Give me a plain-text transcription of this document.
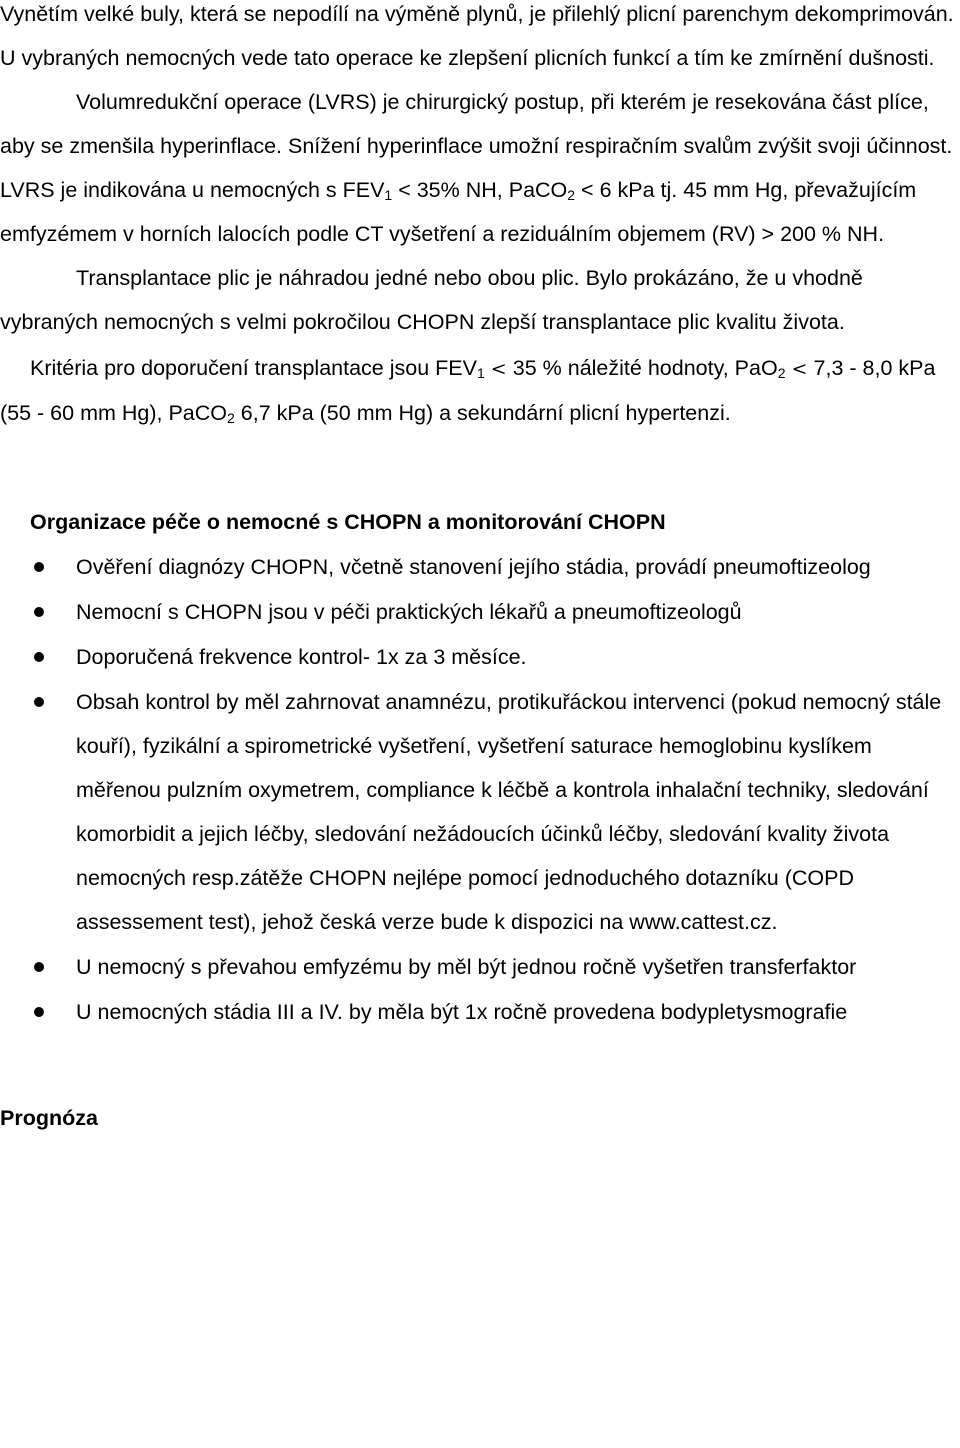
Vynětím velké buly, která se nepodílí na výměně plynů, je přilehlý plicní parenchym dekomprimován. U vybraných nemocných vede tato operace ke zlepšení plicních funkcí a tím ke zmírnění dušnosti.

Volumredukční operace (LVRS) je chirurgický postup, při kterém je resekována část plíce, aby se zmenšila hyperinflace. Snížení hyperinflace umožní respiračním svalům zvýšit svoji účinnost. LVRS je indikována u nemocných s $FEV_1 < 35\%$ NH, PaCO$_2$ < 6 kPa tj. 45 mm Hg, převažujícím emfyzémem v horních lalocích podle CT vyšetření a reziduálním objemem (RV) > 200 % NH.

Transplantace plic je náhradou jedné nebo obou plic. Bylo prokázáno, že u vhodně vybraných nemocných s velmi pokročilou CHOPN zlepší transplantace plic kvalitu života.

Kritéria pro doporučení transplantace jsou $FEV_1 < 35$ % náležité hodnoty, PaO$_2$ < 7,3 - 8,0 kPa (55 - 60 mm Hg), PaCO$_2$ 6,7 kPa (50 mm Hg) a sekundární plicní hypertenzi.

Organizace péče o nemocné s CHOPN a monitorování CHOPN
Ověření diagnózy CHOPN, včetně stanovení jejího stádia, provádí pneumoftizeolog
Nemocní s CHOPN jsou v péči praktických lékařů a pneumoftizeologů
Doporučená frekvence kontrol- 1x za 3 měsíce.
Obsah kontrol by měl zahrnovat anamnézu, protikuřáckou intervenci (pokud nemocný stále kouří), fyzikální a spirometrické vyšetření, vyšetření saturace hemoglobinu kyslíkem měřenou pulzním oxymetrem, compliance k léčbě a kontrola inhalační techniky, sledování komorbidit a jejich léčby, sledování nežádoucích účinků léčby, sledování kvality života nemocných resp.zátěže CHOPN nejlépe pomocí jednoduchého dotazníku (COPD assessement test), jehož česká verze bude k dispozici na www.cattest.cz.
U nemocný s převahou emfyzému by měl být jednou ročně vyšetřen transferfaktor
U nemocných stádia III a IV. by měla být 1x ročně provedena bodypletysmografie
Prognóza
